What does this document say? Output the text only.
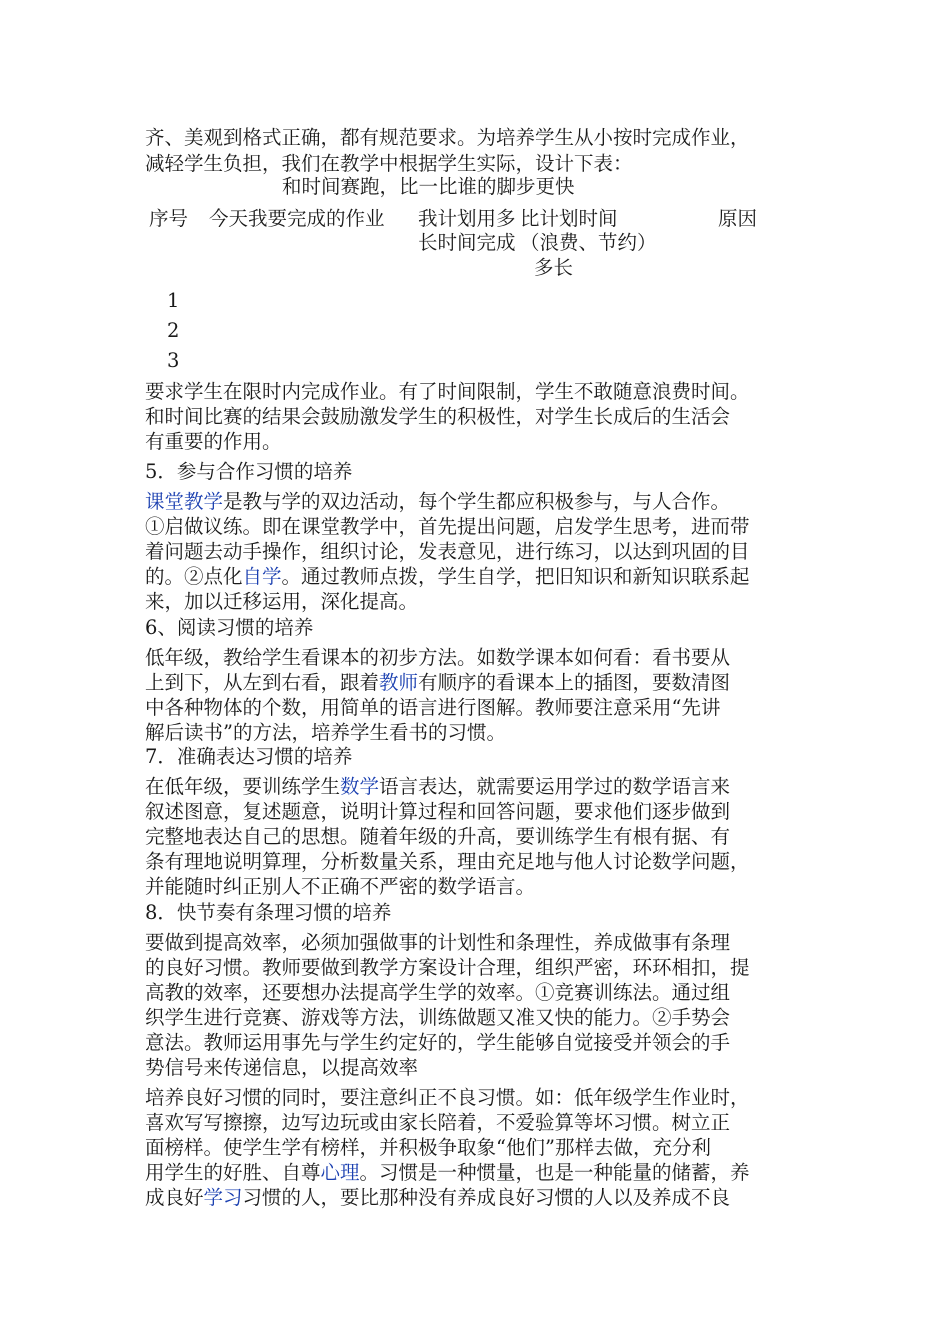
齐、美观到格式正确，都有规范要求。为培养学生从小按时完成作业，
减轻学生负担，我们在教学中根据学生实际，设计下表：
和时间赛跑，比一比谁的脚步更快
序号 今天我要完成的作业 我计划用多
长时间完成
比计划时间
（浪费、节约）
多长
原因
1
2
3
要求学生在限时内完成作业。有了时间限制，学生不敢随意浪费时间。
和时间比赛的结果会鼓励激发学生的积极性，对学生长成后的生活会
有重要的作用。
5．参与合作习惯的培养
课堂教学是教与学的双边活动，每个学生都应积极参与，与人合作。
①启做议练。即在课堂教学中，首先提出问题，启发学生思考，进而带
着问题去动手操作，组织讨论，发表意见，进行练习，以达到巩固的目
的。②点化自学。通过教师点拨，学生自学，把旧知识和新知识联系起
来，加以迁移运用，深化提高。
6、阅读习惯的培养
低年级，教给学生看课本的初步方法。如数学课本如何看：看书要从
上到下，从左到右看，跟着教师有顺序的看课本上的插图，要数清图
中各种物体的个数，用简单的语言进行图解。教师要注意采用“先讲
解后读书”的方法，培养学生看书的习惯。
7．准确表达习惯的培养
在低年级，要训练学生数学语言表达，就需要运用学过的数学语言来
叙述图意，复述题意，说明计算过程和回答问题，要求他们逐步做到
完整地表达自己的思想。随着年级的升高，要训练学生有根有据、有
条有理地说明算理，分析数量关系，理由充足地与他人讨论数学问题，
并能随时纠正别人不正确不严密的数学语言。
8．快节奏有条理习惯的培养
要做到提高效率，必须加强做事的计划性和条理性，养成做事有条理
的良好习惯。教师要做到教学方案设计合理，组织严密，环环相扣，提
高教的效率，还要想办法提高学生学的效率。①竞赛训练法。通过组
织学生进行竞赛、游戏等方法，训练做题又准又快的能力。②手势会
意法。教师运用事先与学生约定好的，学生能够自觉接受并领会的手
势信号来传递信息，以提高效率
培养良好习惯的同时，要注意纠正不良习惯。如：低年级学生作业时，
喜欢写写擦擦，边写边玩或由家长陪着，不爱验算等坏习惯。树立正
面榜样。使学生学有榜样，并积极争取象“他们”那样去做，充分利
用学生的好胜、自尊心理。习惯是一种惯量，也是一种能量的储蓄，养
成良好学习习惯的人，要比那种没有养成良好习惯的人以及养成不良
